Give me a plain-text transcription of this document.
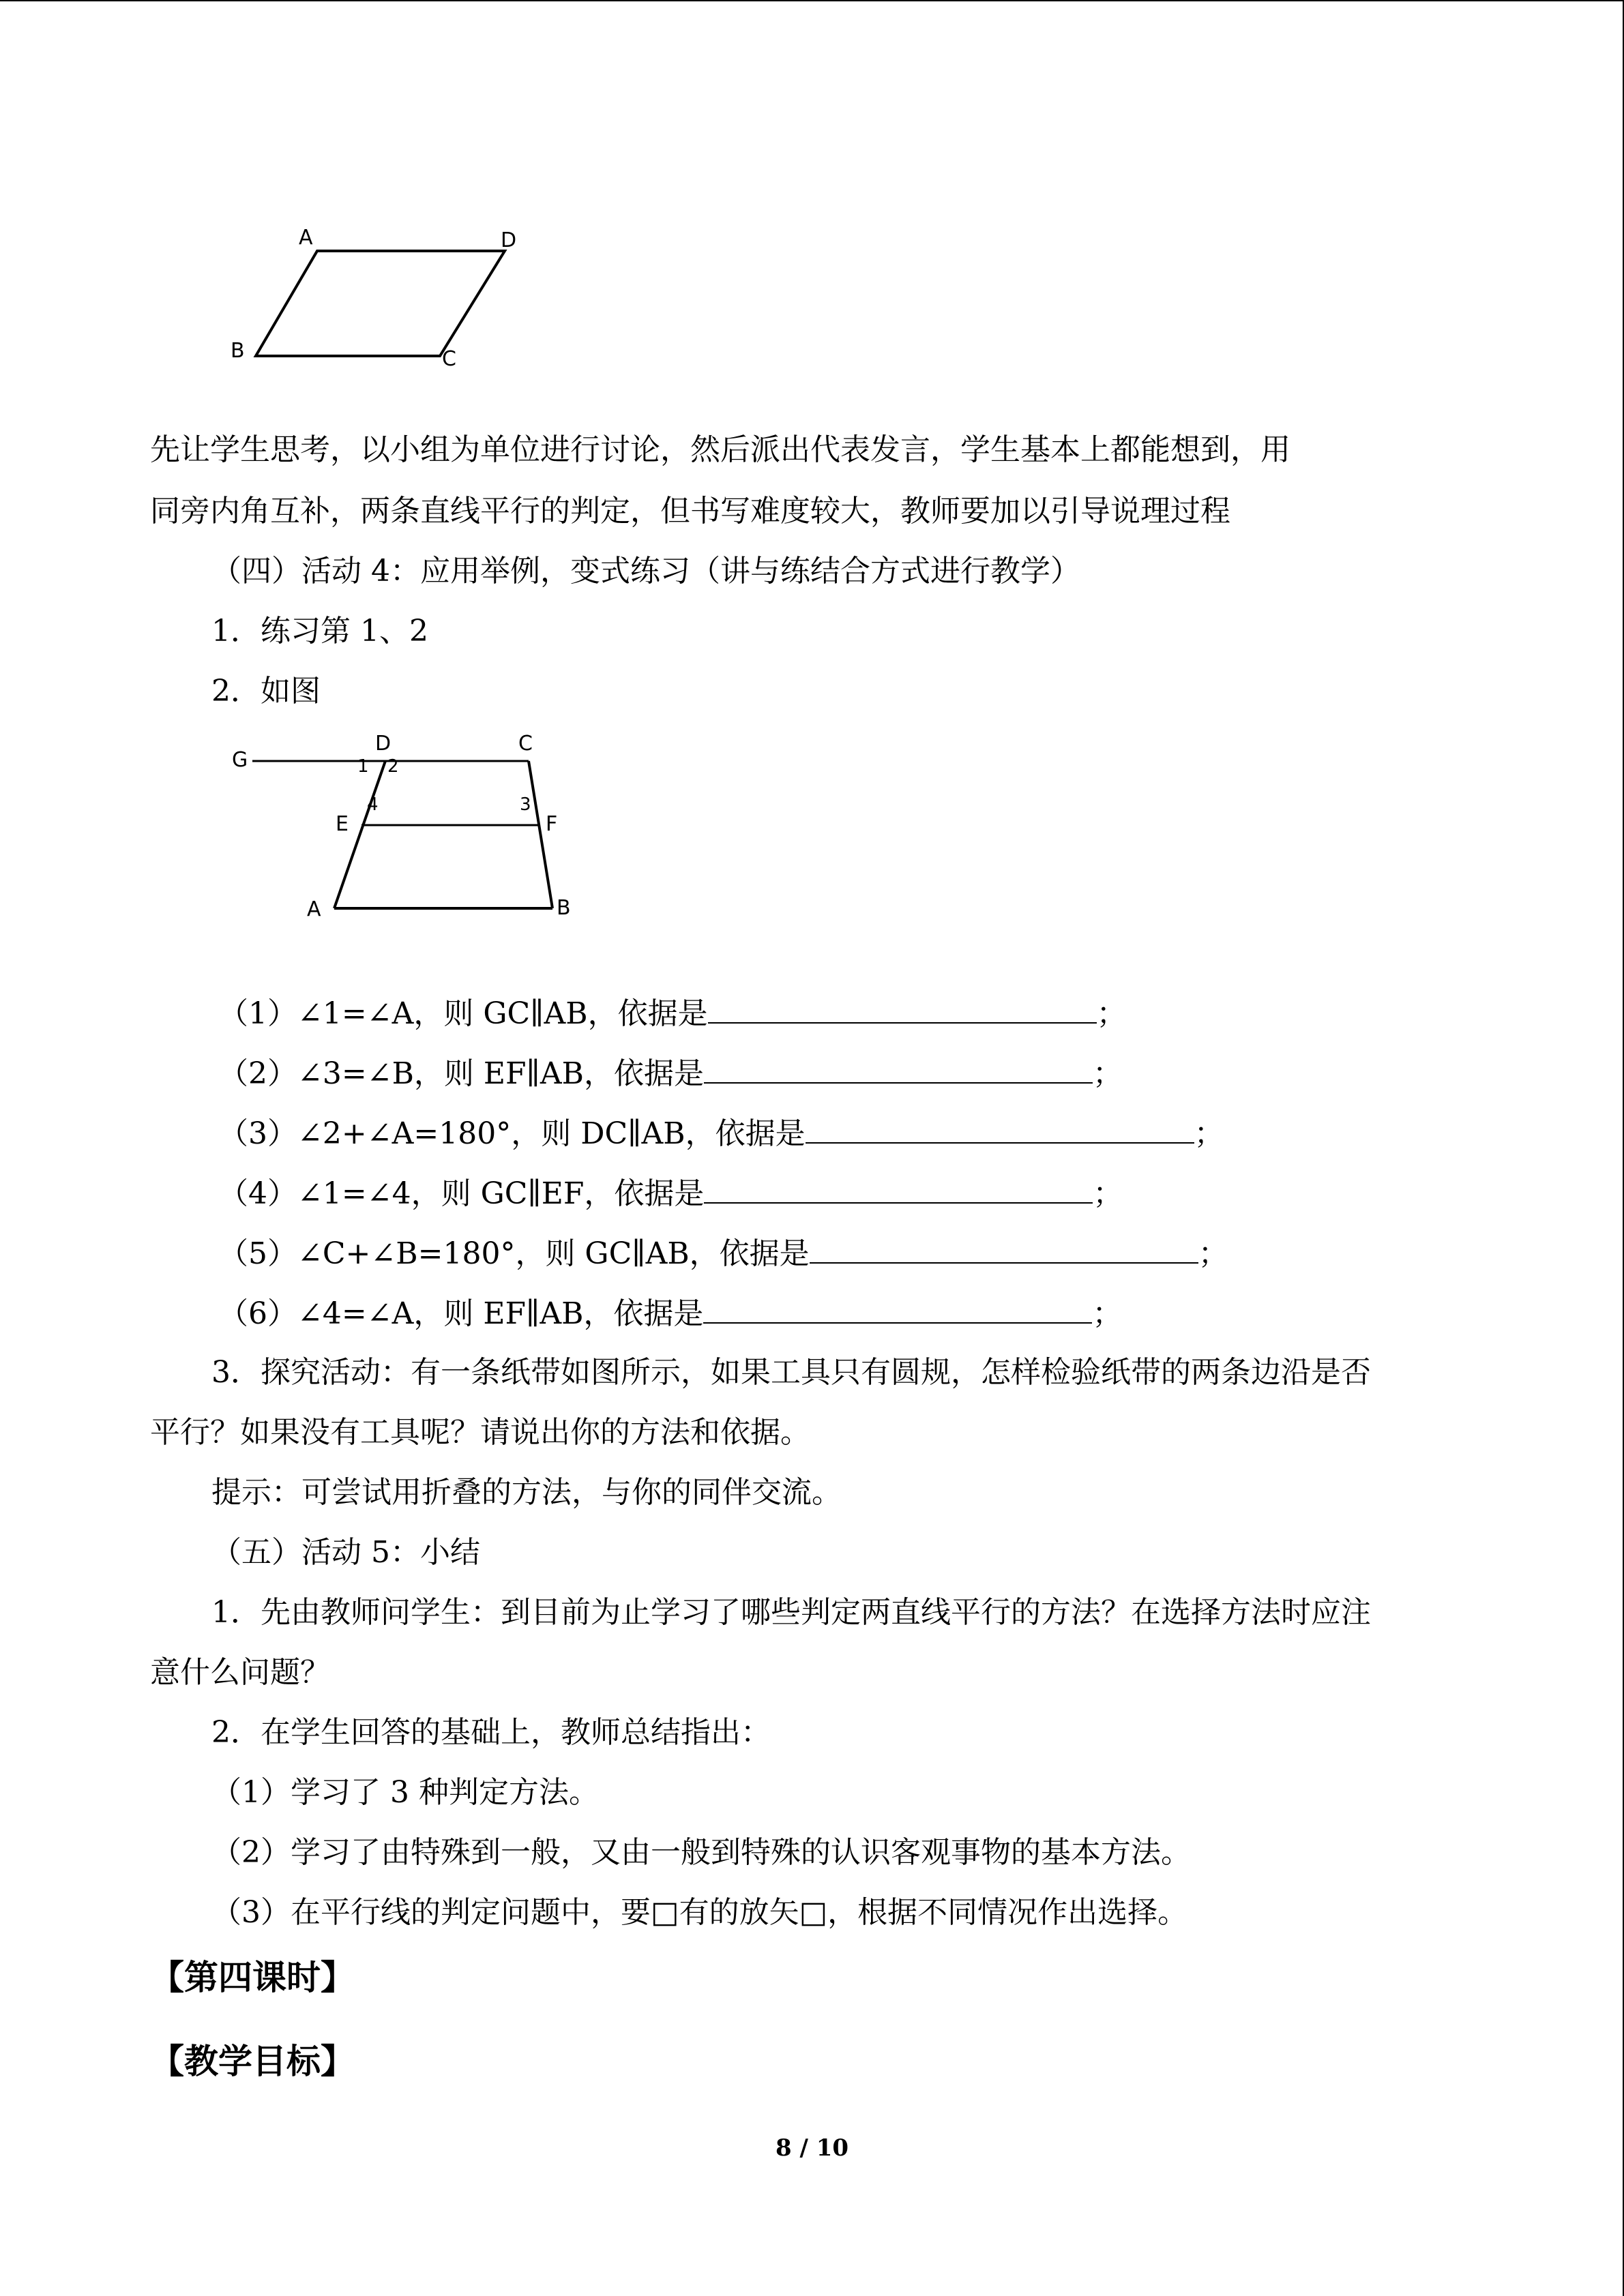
A	D
B	C
先让学生思考，以小组为单位进行讨论，然后派出代表发言，学生基本上都能想到，用
同旁内角互补，两条直线平行的判定，但书写难度较大，教师要加以引导说理过程
（四）活动 4：应用举例，变式练习（讲与练结合方式进行教学）
1．练习第 1、2
2．如图
G
D	C
E	F
A	B
1 2
3
4
（1）∠1=∠A，则 GC∥AB，依据是	；
（2）∠3=∠B，则 EF∥AB，依据是	；
（3）∠2+∠A=180°，则 DC∥AB，依据是	；
（4）∠1=∠4，则 GC∥EF，依据是	；
（5）∠C+∠B=180°，则 GC∥AB，依据是	；
（6）∠4=∠A，则 EF∥AB，依据是	；
3．探究活动：有一条纸带如图所示，如果工具只有圆规，怎样检验纸带的两条边沿是否
平行？如果没有工具呢？请说出你的方法和依据。
提示：可尝试用折叠的方法，与你的同伴交流。
（五）活动 5：小结
1．先由教师问学生：到目前为止学习了哪些判定两直线平行的方法？在选择方法时应注
意什么问题？
2．在学生回答的基础上，教师总结指出：
（1）学习了 3 种判定方法。
（2）学习了由特殊到一般，又由一般到特殊的认识客观事物的基本方法。
（3）在平行线的判定问题中，要□有的放矢□，根据不同情况作出选择。
【第四课时】
【教学目标】
8 / 10
